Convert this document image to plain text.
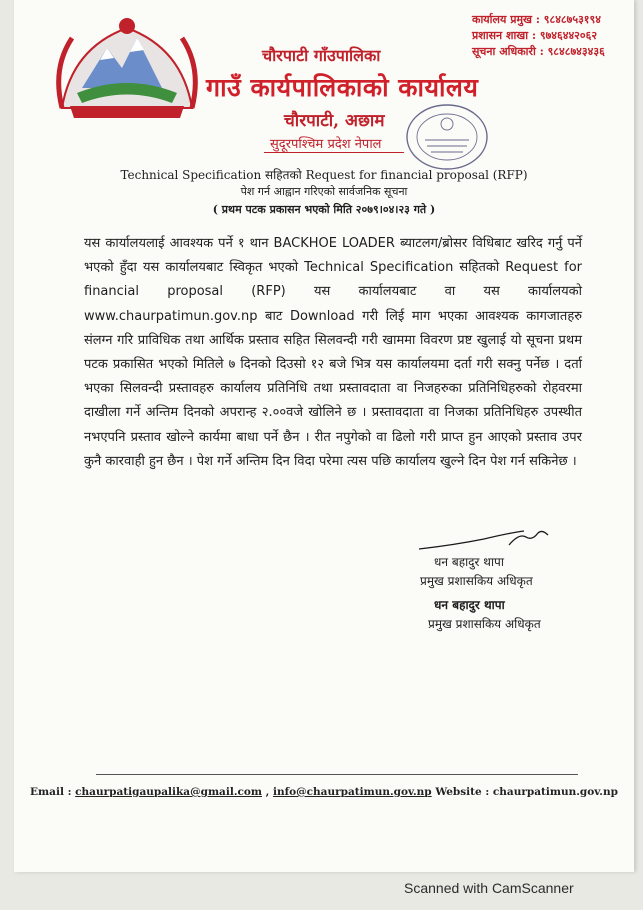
चौरपाटी गाँउपालिका
गाउँ कार्यपालिकाको कार्यालय
चौरपाटी, अछाम
सुदूरपश्चिम प्रदेश नेपाल
कार्यालय प्रमुख : ९८४८७५३१९४
प्रशासन शाखा : ९७४६४४२०६२
सूचना अधिकारी : ९८४८७४३४३६
Technical Specification सहितको Request for financial proposal (RFP)
पेश गर्न आह्वान गरिएको सार्वजनिक सूचना
( प्रथम पटक प्रकासन भएको मिति २०७९।०४।२३ गते )
यस कार्यालयलाई आवश्यक पर्ने १ थान BACKHOE LOADER ब्याटलग/ब्रोसर विधिबाट खरिद गर्नु पर्ने भएको हुँदा यस कार्यालयबाट स्विकृत भएको Technical Specification सहितको Request for financial proposal (RFP) यस कार्यालयबाट वा यस कार्यालयको www.chaurpatimun.gov.np बाट Download गरी लिई माग भएका आवश्यक कागजातहरु संलग्न गरि प्राविधिक तथा आर्थिक प्रस्ताव सहित सिलवन्दी गरी खाममा विवरण प्रष्ट खुलाई यो सूचना प्रथम पटक प्रकासित भएको मितिले ७ दिनको दिउसो १२ बजे भित्र यस कार्यालयमा दर्ता गरी सक्नु पर्नेछ । दर्ता भएका सिलवन्दी प्रस्तावहरु कार्यालय प्रतिनिधि तथा प्रस्तावदाता वा निजहरुका प्रतिनिधिहरुको रोहवरमा दाखीला गर्ने अन्तिम दिनको अपरान्ह २.००वजे खोलिने छ । प्रस्तावदाता वा निजका प्रतिनिधिहरु उपस्थीत नभएपनि प्रस्ताव खोल्ने कार्यमा बाधा पर्ने छैन । रीत नपुगेको वा ढिलो गरी प्राप्त हुन आएको प्रस्ताव उपर कुनै कारवाही हुन छैन । पेश गर्ने अन्तिम दिन विदा परेमा त्यस पछि कार्यालय खुल्ने दिन पेश गर्न सकिनेछ ।
धन बहादुर थापा
प्रमुख प्रशासकिय अधिकृत
धन बहादुर थापा
प्रमुख प्रशासकिय अधिकृत
Email : chaurpatigaupalika@gmail.com , info@chaurpatimun.gov.np Website : chaurpatimun.gov.np
Scanned with CamScanner
